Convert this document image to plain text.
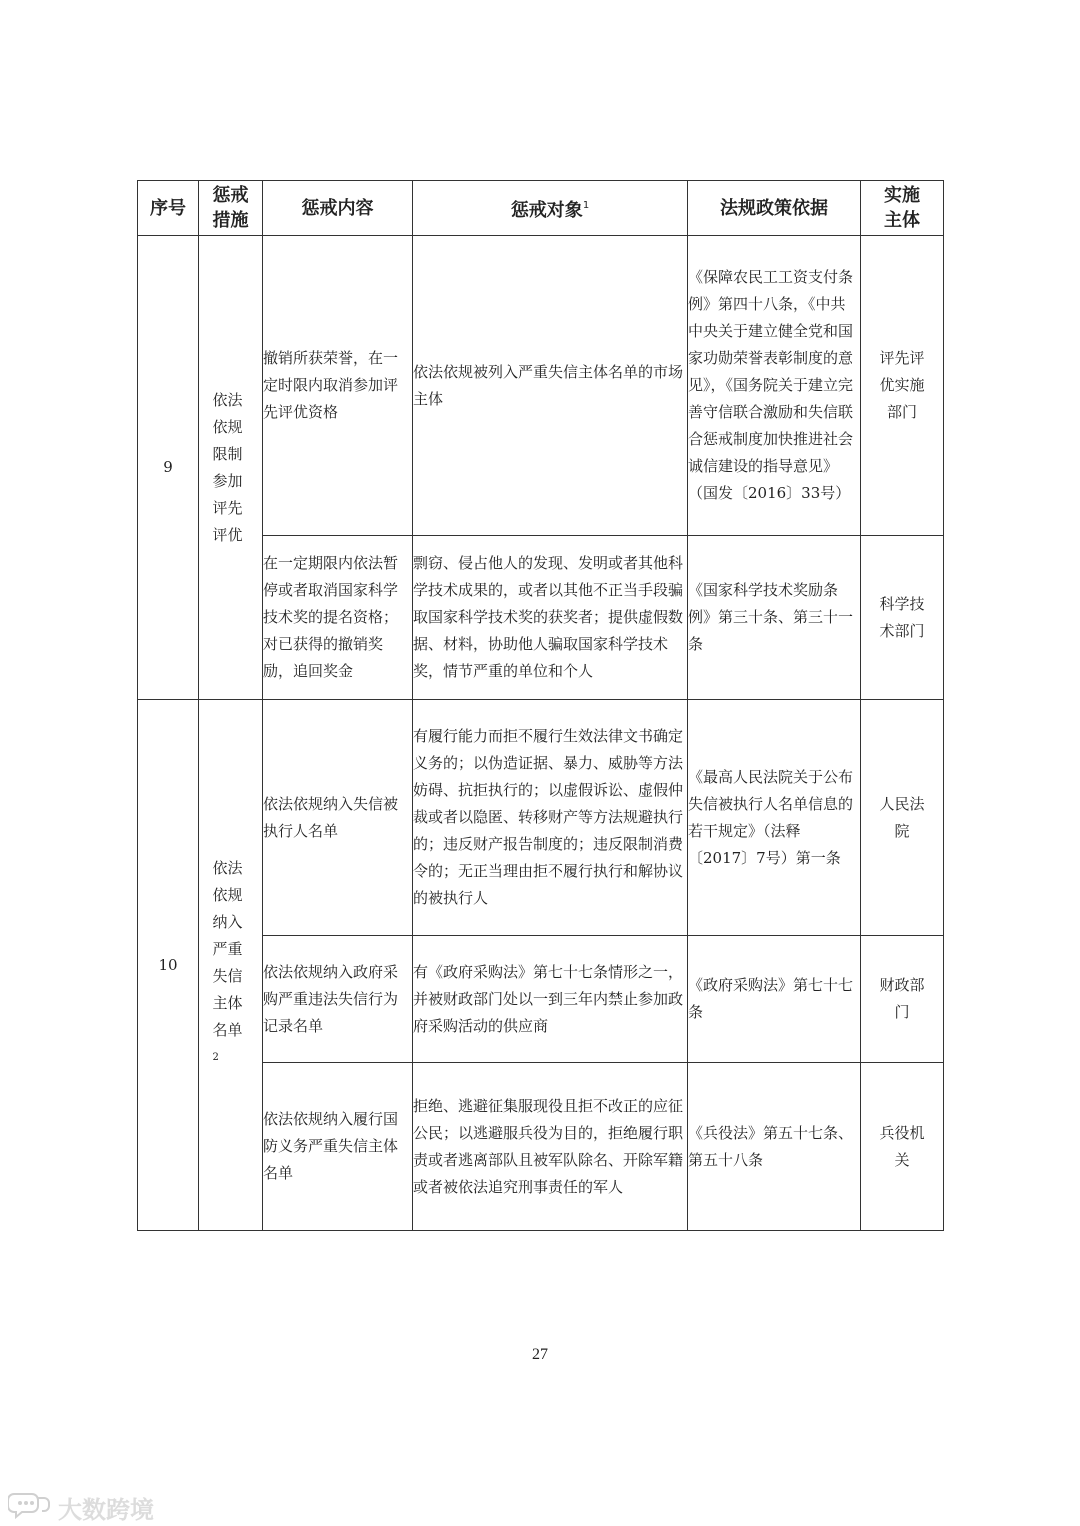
序号	惩戒措施	惩戒内容	惩戒对象$^1$	法规政策依据	实施主体
9	依法依规限制参加评先评优	撤销所获荣誉，在一定时限内取消参加评先评优资格	依法依规被列入严重失信主体名单的市场主体	《保障农民工工资支付条例》第四十八条，《中共中央关于建立健全党和国家功勋荣誉表彰制度的意见》，《国务院关于建立完善守信联合激励和失信联合惩戒制度加快推进社会诚信建设的指导意见》（国发〔2016〕33号）	评先评优实施部门
		在一定期限内依法暂停或者取消国家科学技术奖的提名资格；对已获得的撤销奖励，追回奖金	剽窃、侵占他人的发现、发明或者其他科学技术成果的，或者以其他不正当手段骗取国家科学技术奖的获奖者；提供虚假数据、材料，协助他人骗取国家科学技术奖，情节严重的单位和个人	《国家科学技术奖励条例》第三十条、第三十一条	科学技术部门
10	依法依规纳入严重失信主体名单$^2$	依法依规纳入失信被执行人名单	有履行能力而拒不履行生效法律文书确定义务的；以伪造证据、暴力、威胁等方法妨碍、抗拒执行的；以虚假诉讼、虚假仲裁或者以隐匿、转移财产等方法规避执行的；违反财产报告制度的；违反限制消费令的；无正当理由拒不履行执行和解协议的被执行人	《最高人民法院关于公布失信被执行人名单信息的若干规定》（法释〔2017〕7号）第一条	人民法院
		依法依规纳入政府采购严重违法失信行为记录名单	有《政府采购法》第七十七条情形之一，并被财政部门处以一到三年内禁止参加政府采购活动的供应商	《政府采购法》第七十七条	财政部门
		依法依规纳入履行国防义务严重失信主体名单	拒绝、逃避征集服现役且拒不改正的应征公民；以逃避服兵役为目的，拒绝履行职责或者逃离部队且被军队除名、开除军籍或者被依法追究刑事责任的军人	《兵役法》第五十七条、第五十八条	兵役机关
27
大数跨境
